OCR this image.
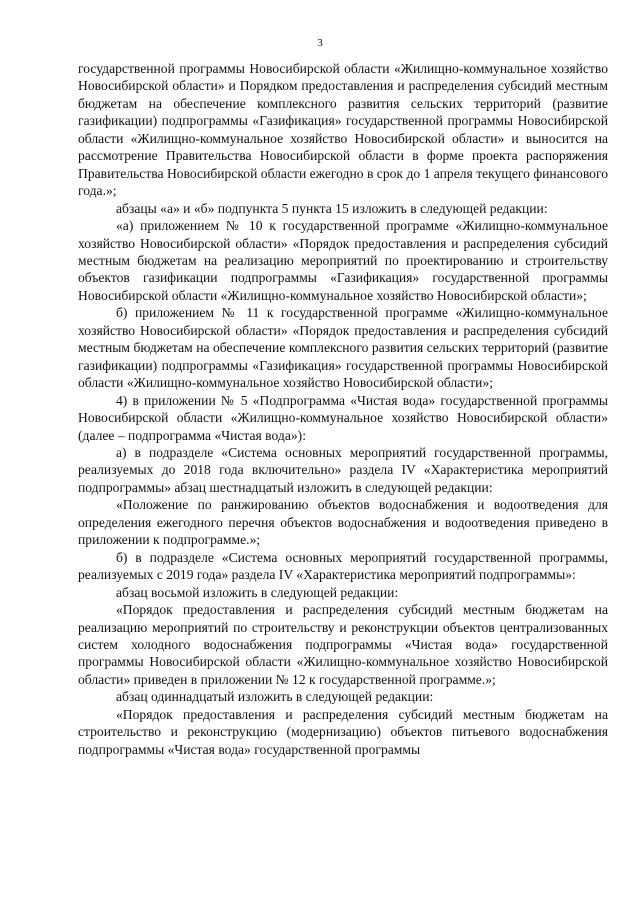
3

государственной программы Новосибирской области «Жилищно-коммунальное хозяйство Новосибирской области» и Порядком предоставления и распределения субсидий местным бюджетам на обеспечение комплексного развития сельских территорий (развитие газификации) подпрограммы «Газификация» государственной программы Новосибирской области «Жилищно-коммунальное хозяйство Новосибирской области» и выносится на рассмотрение Правительства Новосибирской области в форме проекта распоряжения Правительства Новосибирской области ежегодно в срок до 1 апреля текущего финансового года.»;

абзацы «а» и «б» подпункта 5 пункта 15 изложить в следующей редакции:

«а) приложением № 10 к государственной программе «Жилищно-коммунальное хозяйство Новосибирской области» «Порядок предоставления и распределения субсидий местным бюджетам на реализацию мероприятий по проектированию и строительству объектов газификации подпрограммы «Газификация» государственной программы Новосибирской области «Жилищно-коммунальное хозяйство Новосибирской области»;

б) приложением № 11 к государственной программе «Жилищно-коммунальное хозяйство Новосибирской области» «Порядок предоставления и распределения субсидий местным бюджетам на обеспечение комплексного развития сельских территорий (развитие газификации) подпрограммы «Газификация» государственной программы Новосибирской области «Жилищно-коммунальное хозяйство Новосибирской области»;

4) в приложении № 5 «Подпрограмма «Чистая вода» государственной программы Новосибирской области «Жилищно-коммунальное хозяйство Новосибирской области» (далее – подпрограмма «Чистая вода»):

а) в подразделе «Система основных мероприятий государственной программы, реализуемых до 2018 года включительно» раздела IV «Характеристика мероприятий подпрограммы» абзац шестнадцатый изложить в следующей редакции:

«Положение по ранжированию объектов водоснабжения и водоотведения для определения ежегодного перечня объектов водоснабжения и водоотведения приведено в приложении к подпрограмме.»;

б) в подразделе «Система основных мероприятий государственной программы, реализуемых с 2019 года» раздела IV «Характеристика мероприятий подпрограммы»:

абзац восьмой изложить в следующей редакции:

«Порядок предоставления и распределения субсидий местным бюджетам на реализацию мероприятий по строительству и реконструкции объектов централизованных систем холодного водоснабжения подпрограммы «Чистая вода» государственной программы Новосибирской области «Жилищно-коммунальное хозяйство Новосибирской области» приведен в приложении № 12 к государственной программе.»;

абзац одиннадцатый изложить в следующей редакции:

«Порядок предоставления и распределения субсидий местным бюджетам на строительство и реконструкцию (модернизацию) объектов питьевого водоснабжения подпрограммы «Чистая вода» государственной программы
